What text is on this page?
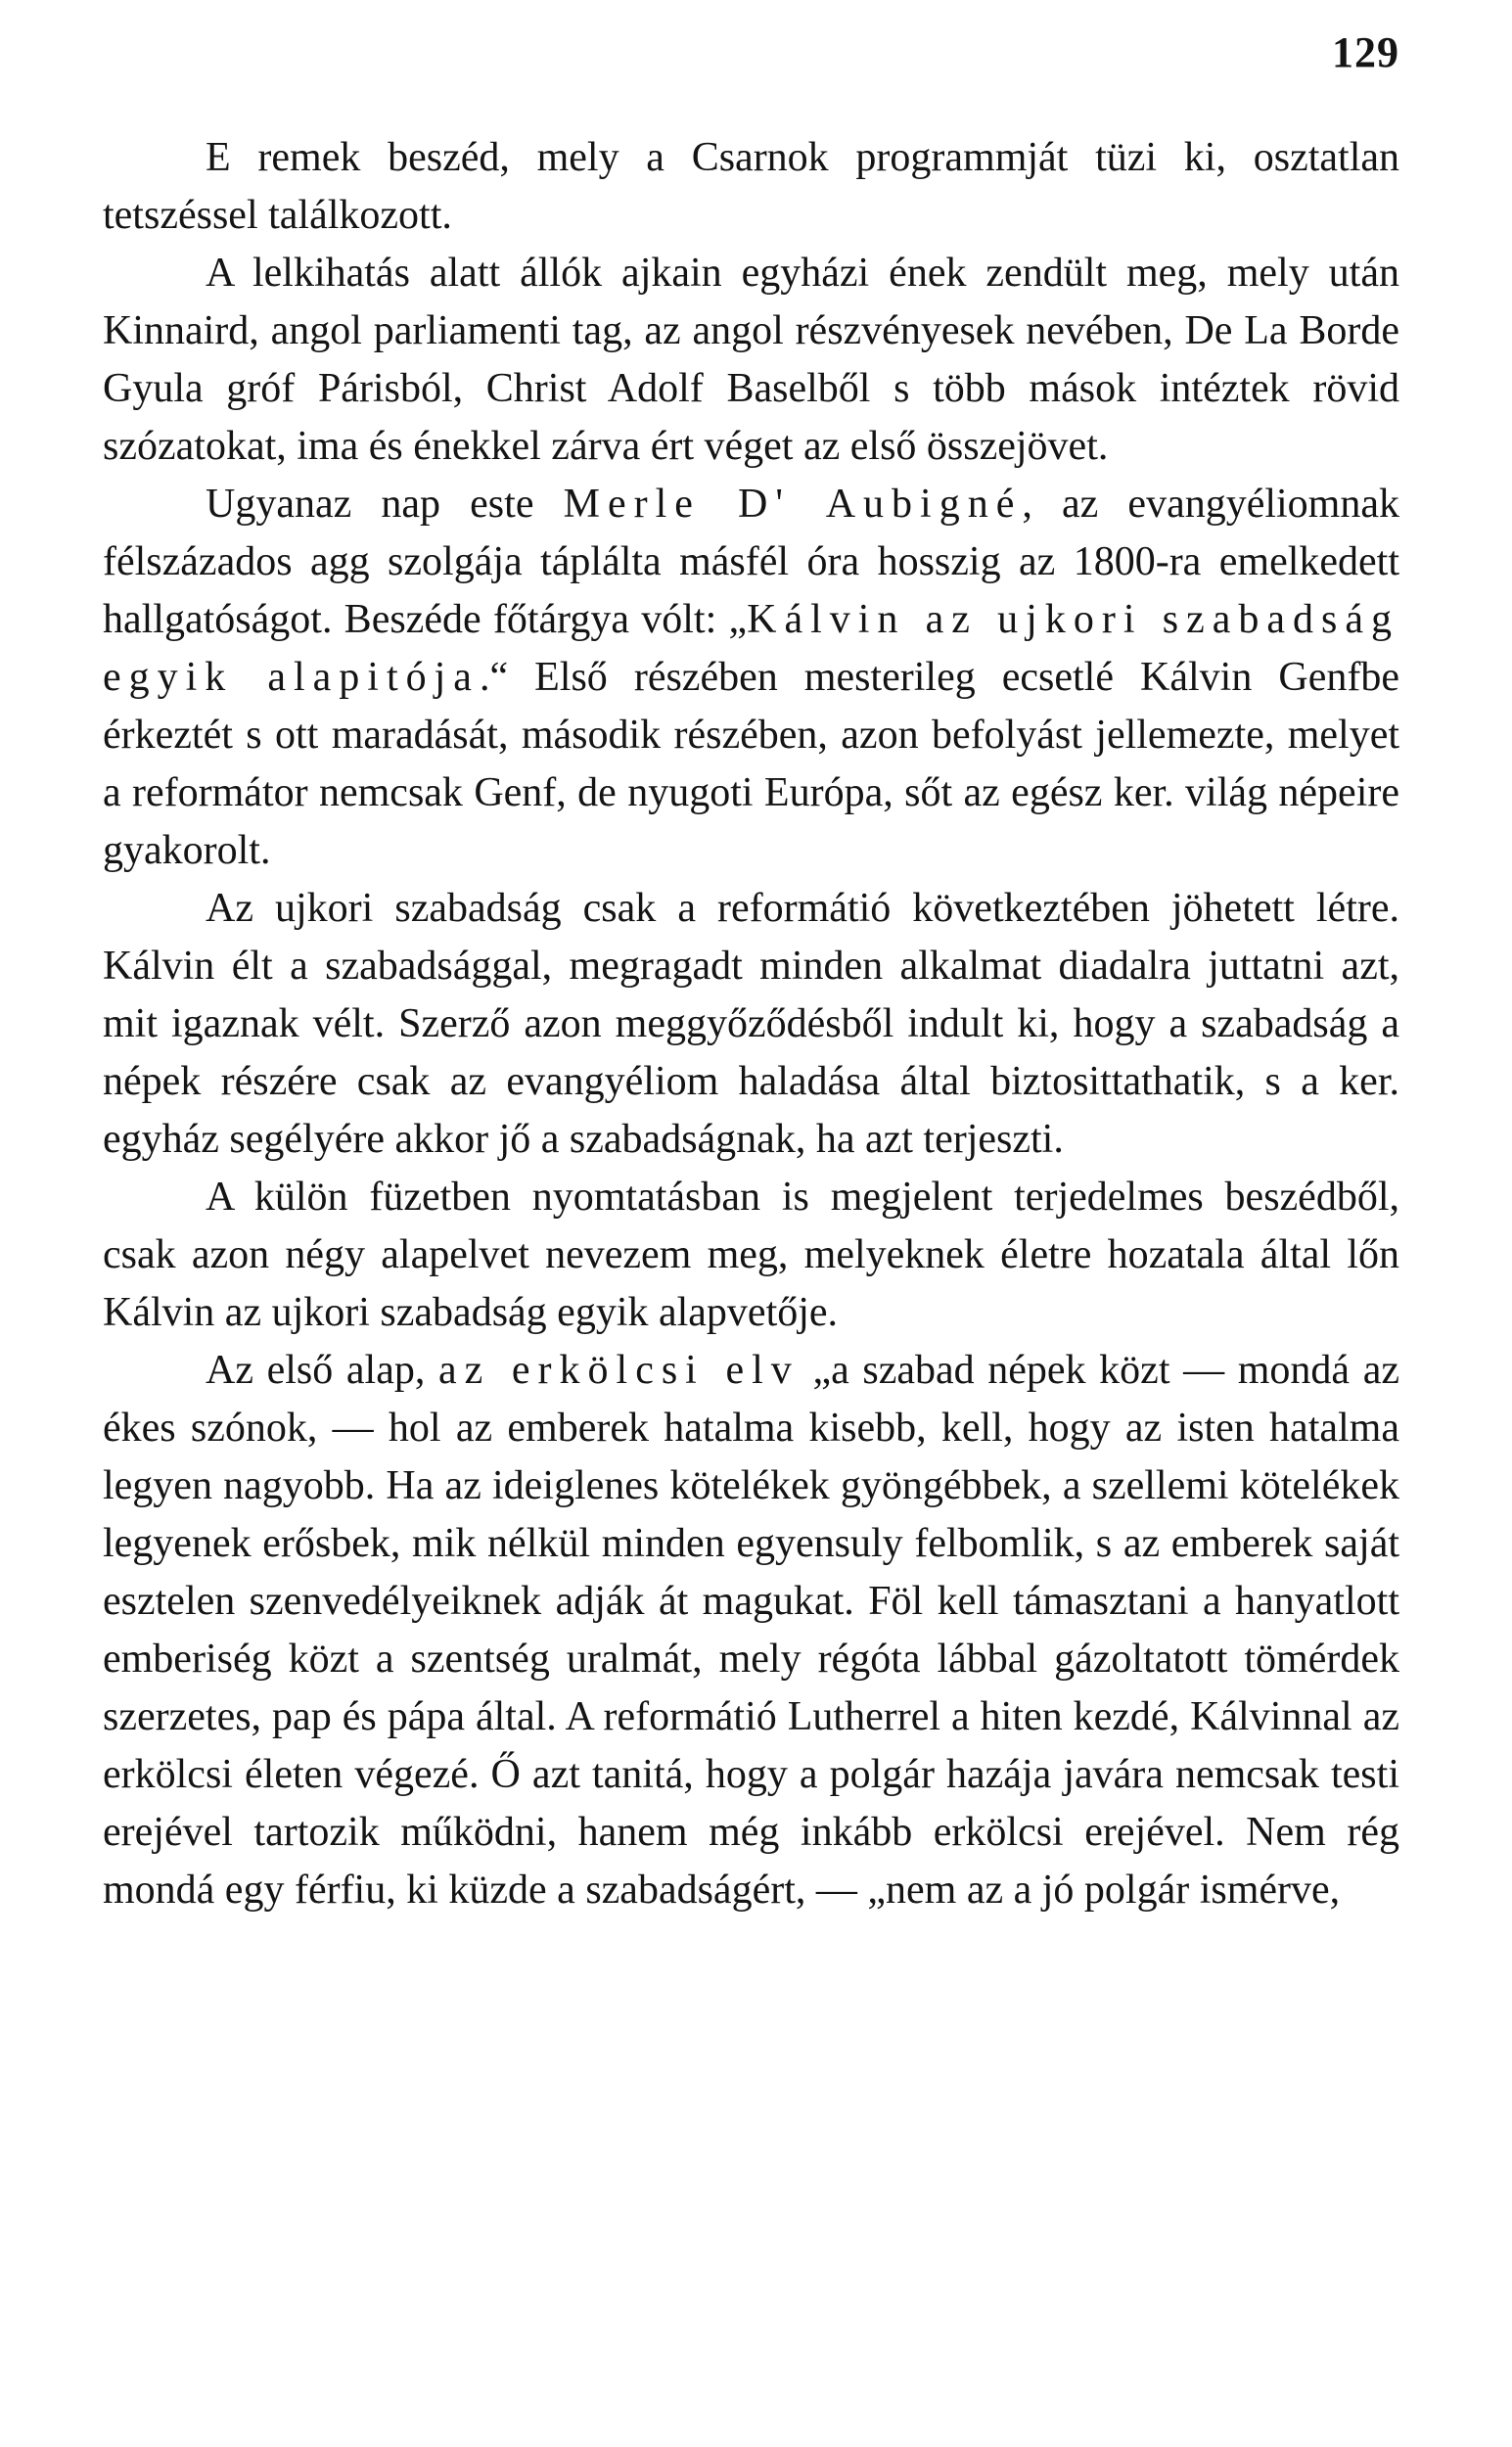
129

E remek beszéd, mely a Csarnok programmját tüzi ki, osztatlan tetszéssel találkozott.

A lelkihatás alatt állók ajkain egyházi ének zendült meg, mely után Kinnaird, angol parliamenti tag, az angol részvényesek nevében, De La Borde Gyula gróf Párisból, Christ Adolf Baselből s több mások intéztek rövid szózatokat, ima és énekkel zárva ért véget az első összejövet.

Ugyanaz nap este Merle D' Aubigné, az evangyéliomnak félszázados agg szolgája táplálta másfél óra hosszig az 1800-ra emelkedett hallgatóságot. Beszéde főtárgya vólt: „Kálvin az ujkori szabadság egyik alapitója.“ Első részében mesterileg ecsetlé Kálvin Genfbe érkeztét s ott maradását, második részében, azon befolyást jellemezte, melyet a reformátor nemcsak Genf, de nyugoti Európa, sőt az egész ker. világ népeire gyakorolt.

Az ujkori szabadság csak a reformátió következtében jöhetett létre. Kálvin élt a szabadsággal, megragadt minden alkalmat diadalra juttatni azt, mit igaznak vélt. Szerző azon meggyőződésből indult ki, hogy a szabadság a népek részére csak az evangyéliom haladása által biztosittathatik, s a ker. egyház segélyére akkor jő a szabadságnak, ha azt terjeszti.

A külön füzetben nyomtatásban is megjelent terjedelmes beszédből, csak azon négy alapelvet nevezem meg, melyeknek életre hozatala által lőn Kálvin az ujkori szabadság egyik alapvetője.

Az első alap, az erkölcsi elv „a szabad népek közt — mondá az ékes szónok, — hol az emberek hatalma kisebb, kell, hogy az isten hatalma legyen nagyobb. Ha az ideiglenes kötelékek gyöngébbek, a szellemi kötelékek legyenek erősbek, mik nélkül minden egyensuly felbomlik, s az emberek saját esztelen szenvedélyeiknek adják át magukat. Föl kell támasztani a hanyatlott emberiség közt a szentség uralmát, mely régóta lábbal gázoltatott tömérdek szerzetes, pap és pápa által. A reformátió Lutherrel a hiten kezdé, Kálvinnal az erkölcsi életen végezé. Ő azt tanitá, hogy a polgár hazája javára nemcsak testi erejével tartozik működni, hanem még inkább erkölcsi erejével. Nem rég mondá egy férfiu, ki küzde a szabadságért, — „nem az a jó polgár ismérve,
